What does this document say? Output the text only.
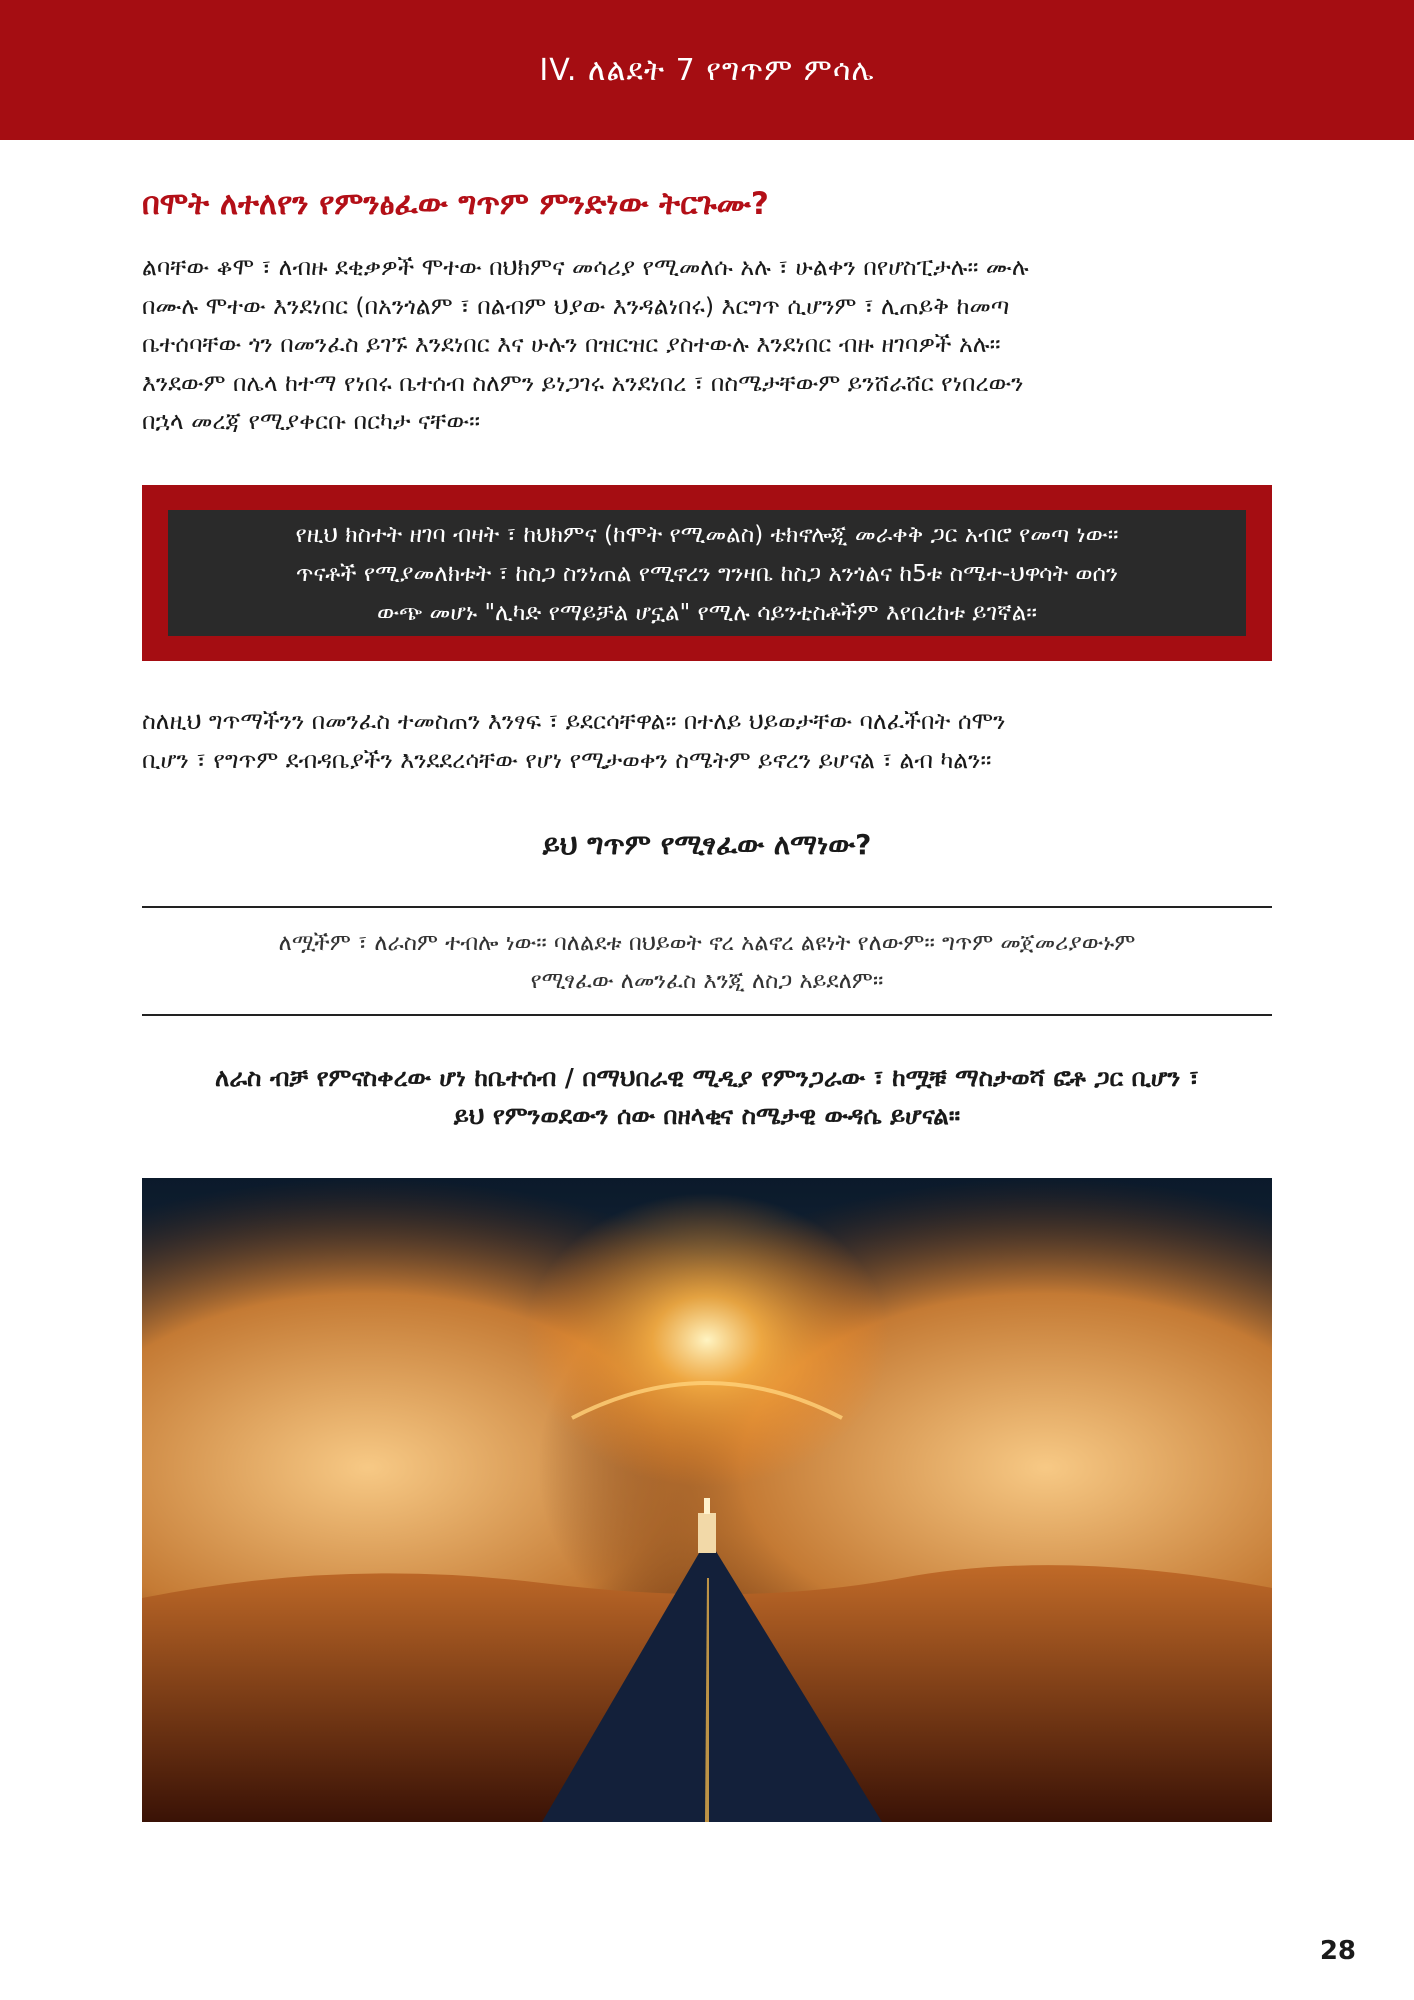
IV. ለልደት 7 የግጥም ምሳሌ
በሞት ለተለየን የምንፅፈው ግጥም ምንድነው ትርጉሙ?
ልባቸው ቆሞ ፣ ለብዙ ደቂቃዎች ሞተው በህክምና መሳሪያ የሚመለሱ አሉ ፣ ሁልቀን በየሆስፒታሉ። ሙሉ
በሙሉ ሞተው እንደነበር (በአንጎልም ፣ በልብም ህያው እንዳልነበሩ) እርግጥ ሲሆንም ፣ ሊጠይቅ ከመጣ
ቤተሰባቸው ጎን በመንፈስ ይገኙ እንደነበር እና ሁሉን በዝርዝር ያስተውሉ እንደነበር ብዙ ዘገባዎች አሉ።
እንደውም በሌላ ከተማ የነበሩ ቤተሰብ ስለምን ይነጋገሩ አንደነበረ ፣ በስሜታቸውም ይንሸራሸር የነበረውን
በኋላ መረጃ የሚያቀርቡ በርካታ ናቸው።
የዚህ ክስተት ዘገባ ብዛት ፣ ከህክምና (ከሞት የሚመልስ) ቴክኖሎጂ መራቀቅ ጋር አብሮ የመጣ ነው።
ጥናቶች የሚያመለክቱት ፣ ከስጋ ስንነጠል የሚኖረን ግንዛቤ ከስጋ አንጎልና ከ5ቱ ስሜተ-ህዋሳት ወሰን
ውጭ መሆኑ "ሊካድ የማይቻል ሆኗል" የሚሉ ሳይንቲስቶችም እየበረከቱ ይገኛል።
ስለዚህ ግጥማችንን በመንፈስ ተመስጠን እንፃፍ ፣ ይደርሳቸዋል። በተለይ ህይወታቸው ባለፈችበት ሰሞን
ቢሆን ፣ የግጥም ደብዳቤያችን እንደደረሳቸው የሆነ የሚታወቀን ስሜትም ይኖረን ይሆናል ፣ ልብ ካልን።
ይህ ግጥም የሚፃፈው ለማነው?
ለሟችም ፣ ለራስም ተብሎ ነው። ባለልደቱ በህይወት ኖረ አልኖረ ልዩነት የለውም። ግጥም መጀመሪያውኑም
የሚፃፈው ለመንፈስ እንጂ ለስጋ አይደለም።
ለራስ ብቻ የምናስቀረው ሆነ ከቤተሰብ / በማህበራዊ ሚዲያ የምንጋራው ፣ ከሟቹ ማስታወሻ ፎቶ ጋር ቢሆን ፣
ይህ የምንወደውን ሰው በዘላቂና ስሜታዊ ውዳሴ ይሆናል።
28
